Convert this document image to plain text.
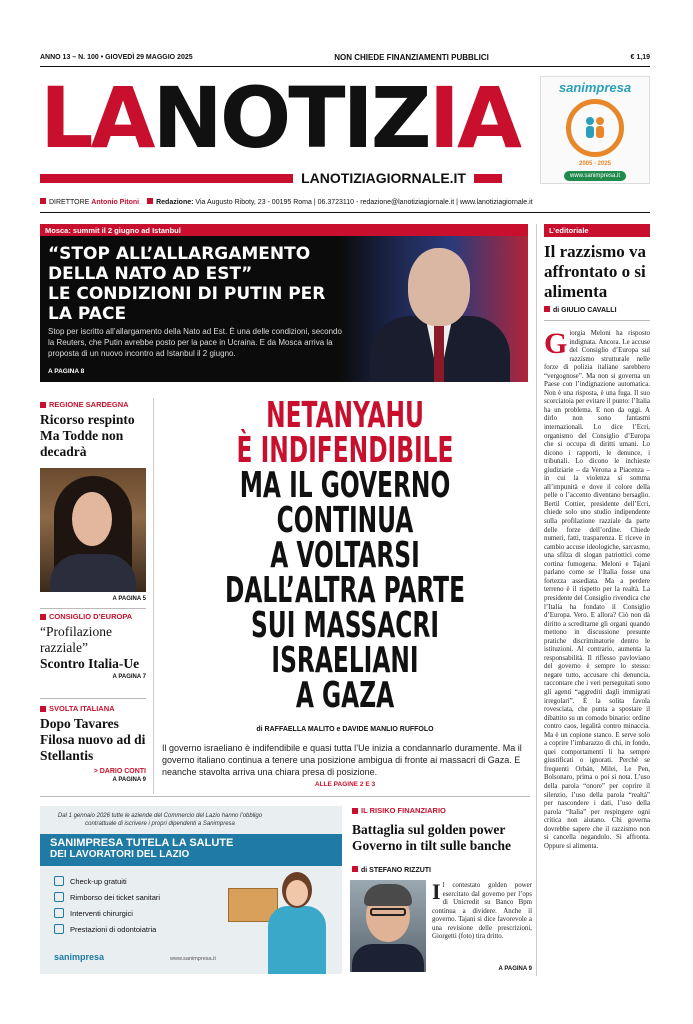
ANNO 13 – N. 100 • GIOVEDÌ 29 MAGGIO 2025	NON CHIEDE FINANZIAMENTI PUBBLICI	€ 1,19
LANOTIZIA
LANOTIZIAGIORNALE.IT
sanimpresa
2005 - 2025
www.sanimpresa.it
DIRETTORE Antonio Pitoni	Redazione: Via Augusto Riboty, 23 - 00195 Roma | 06.3723110 - redazione@lanotiziagiornale.it | www.lanotiziagiornale.it
Mosca: summit il 2 giugno ad Istanbul
“STOP ALL’ALLARGAMENTO
DELLA NATO AD EST”
LE CONDIZIONI DI PUTIN PER LA PACE
Stop per iscritto all’allargamento della Nato ad Est. È una delle condizioni, secondo la Reuters, che Putin avrebbe posto per la pace in Ucraina. E da Mosca arriva la proposta di un nuovo incontro ad Istanbul il 2 giugno.
A PAGINA 8
L’editoriale
Il razzismo va affrontato o si alimenta
di GIULIO CAVALLI
Giorgia Meloni ha risposto indignata. Ancora. Le accuse del Consiglio d’Europa sul razzismo strutturale nelle forze di polizia italiane sarebbero “vergognose”. Ma non si governa un Paese con l’indignazione automatica. Non è una risposta, è una fuga. Il suo scorciatoia per evitare il punto: l’Italia ha un problema. E non da oggi. A dirlo non sono fantasmi internazionali. Lo dice l’Ecri, organismo del Consiglio d’Europa che si occupa di diritti umani. Lo dicono i rapporti, le denunce, i tribunali. Lo dicono le inchieste giudiziarie – da Verona a Piacenza – in cui la violenza si somma all’impunità e dove il colore della pelle o l’accento diventano bersaglio. Bertil Cottier, presidente dell’Ecri, chiede solo uno studio indipendente sulla profilazione razziale da parte delle forze dell’ordine. Chiede numeri, fatti, trasparenza. E riceve in cambio accuse ideologiche, sarcasmo, una sfilza di slogan patriottici come cortina fumogena. Meloni e Tajani parlano come se l’Italia fosse una fortezza assediata. Ma a perdere terreno è il rispetto per la realtà. La presidente del Consiglio rivendica che l’Italia ha fondato il Consiglio d’Europa. Vero. E allora? Ciò non dà diritto a screditarne gli organi quando mettono in discussione presunte pratiche discriminatorie dentro le istituzioni. Al contrario, aumenta la responsabilità. Il riflesso pavloviano del governo è sempre lo stesso: negare tutto, accusare chi denuncia, raccontare che i veri perseguitati sono gli agenti “aggrediti dagli immigrati irregolari”. È la solita favola rovesciata, che punta a spostare il dibattito su un comodo binario: ordine contro caos, legalità contro minaccia. Ma è un copione stanco. E serve solo a coprire l’imbarazzo di chi, in fondo, quei comportamenti li ha sempre giustificati o ignorati. Perché se frequenti Orbán, Milei, Le Pen, Bolsonaro, prima o poi si nota. L’uso della parola “onore” per coprire il silenzio, l’uso della parola “realtà” per nascondere i dati, l’uso della parola “Italia” per respingere ogni critica non aiutano. Chi governa dovrebbe sapere che il razzismo non si cancella negandolo. Si affronta. Oppure si alimenta.
REGIONE SARDEGNA
Ricorso respinto Ma Todde non decadrà
A PAGINA 5
CONSIGLIO D’EUROPA
“Profilazione razziale”
Scontro Italia-Ue
A PAGINA 7
SVOLTA ITALIANA
Dopo Tavares Filosa nuovo ad di Stellantis
> DARIO CONTI
A PAGINA 9
NETANYAHU
È INDIFENDIBILE
MA IL GOVERNO
CONTINUA
A VOLTARSI
DALL’ALTRA PARTE
SUI MASSACRI
ISRAELIANI
A GAZA
di RAFFAELLA MALITO e DAVIDE MANLIO RUFFOLO
Il governo israeliano è indifendibile e quasi tutta l’Ue inizia a condannarlo duramente. Ma il governo italiano continua a tenere una posizione ambigua di fronte ai massacri di Gaza. E neanche stavolta arriva una chiara presa di posizione.
ALLE PAGINE 2 E 3
Dal 1 gennaio 2026 tutte le aziende del Commercio del Lazio hanno l’obbligo contrattuale di iscrivere i propri dipendenti a Sanimpresa
SANIMPRESA TUTELA LA SALUTE
DEI LAVORATORI DEL LAZIO
Check-up gratuiti
Rimborso dei ticket sanitari
Interventi chirurgici
Prestazioni di odontoiatria
sanimpresa	www.sanimpresa.it
IL RISIKO FINANZIARIO
Battaglia sul golden power Governo in tilt sulle banche
di STEFANO RIZZUTI
Il contestato golden power esercitato dal governo per l’ops di Unicredit su Banco Bpm continua a dividere. Anche il governo. Tajani si dice favorevole a una revisione delle prescrizioni, Giorgetti (foto) tira dritto.
A PAGINA 9
